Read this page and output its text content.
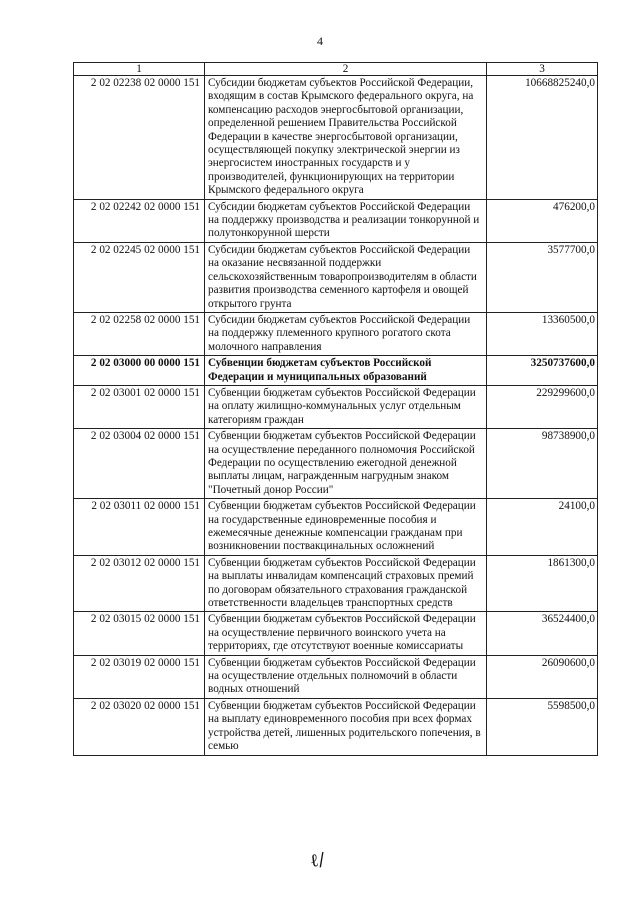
4
1	2	3
2 02 02238 02 0000 151	Субсидии бюджетам субъектов Российской Федерации, входящим в состав Крымского федерального округа, на компенсацию расходов энергосбытовой организации, определенной решением Правительства Российской Федерации в качестве энергосбытовой организации, осуществляющей покупку электрической энергии из энергосистем иностранных государств и у производителей, функционирующих на территории Крымского федерального округа	10668825240,0
2 02 02242 02 0000 151	Субсидии бюджетам субъектов Российской Федерации на поддержку производства и реализации тонкорунной и полутонкорунной шерсти	476200,0
2 02 02245 02 0000 151	Субсидии бюджетам субъектов Российской Федерации на оказание несвязанной поддержки сельскохозяйственным товаропроизводителям в области развития производства семенного картофеля и овощей открытого грунта	3577700,0
2 02 02258 02 0000 151	Субсидии бюджетам субъектов Российской Федерации на поддержку племенного крупного рогатого скота молочного направления	13360500,0
2 02 03000 00 0000 151	Субвенции бюджетам субъектов Российской Федерации и муниципальных образований	3250737600,0
2 02 03001 02 0000 151	Субвенции бюджетам субъектов Российской Федерации на оплату жилищно-коммунальных услуг отдельным категориям граждан	229299600,0
2 02 03004 02 0000 151	Субвенции бюджетам субъектов Российской Федерации на осуществление переданного полномочия Российской Федерации по осуществлению ежегодной денежной выплаты лицам, награжденным нагрудным знаком "Почетный донор России"	98738900,0
2 02 03011 02 0000 151	Субвенции бюджетам субъектов Российской Федерации на государственные единовременные пособия и ежемесячные денежные компенсации гражданам при возникновении поствакцинальных осложнений	24100,0
2 02 03012 02 0000 151	Субвенции бюджетам субъектов Российской Федерации на выплаты инвалидам компенсаций страховых премий по договорам обязательного страхования гражданской ответственности владельцев транспортных средств	1861300,0
2 02 03015 02 0000 151	Субвенции бюджетам субъектов Российской Федерации на осуществление первичного воинского учета на территориях, где отсутствуют военные комиссариаты	36524400,0
2 02 03019 02 0000 151	Субвенции бюджетам субъектов Российской Федерации на осуществление отдельных полномочий в области водных отношений	26090600,0
2 02 03020 02 0000 151	Субвенции бюджетам субъектов Российской Федерации на выплату единовременного пособия при всех формах устройства детей, лишенных родительского попечения, в семью	5598500,0
ℓ∕
